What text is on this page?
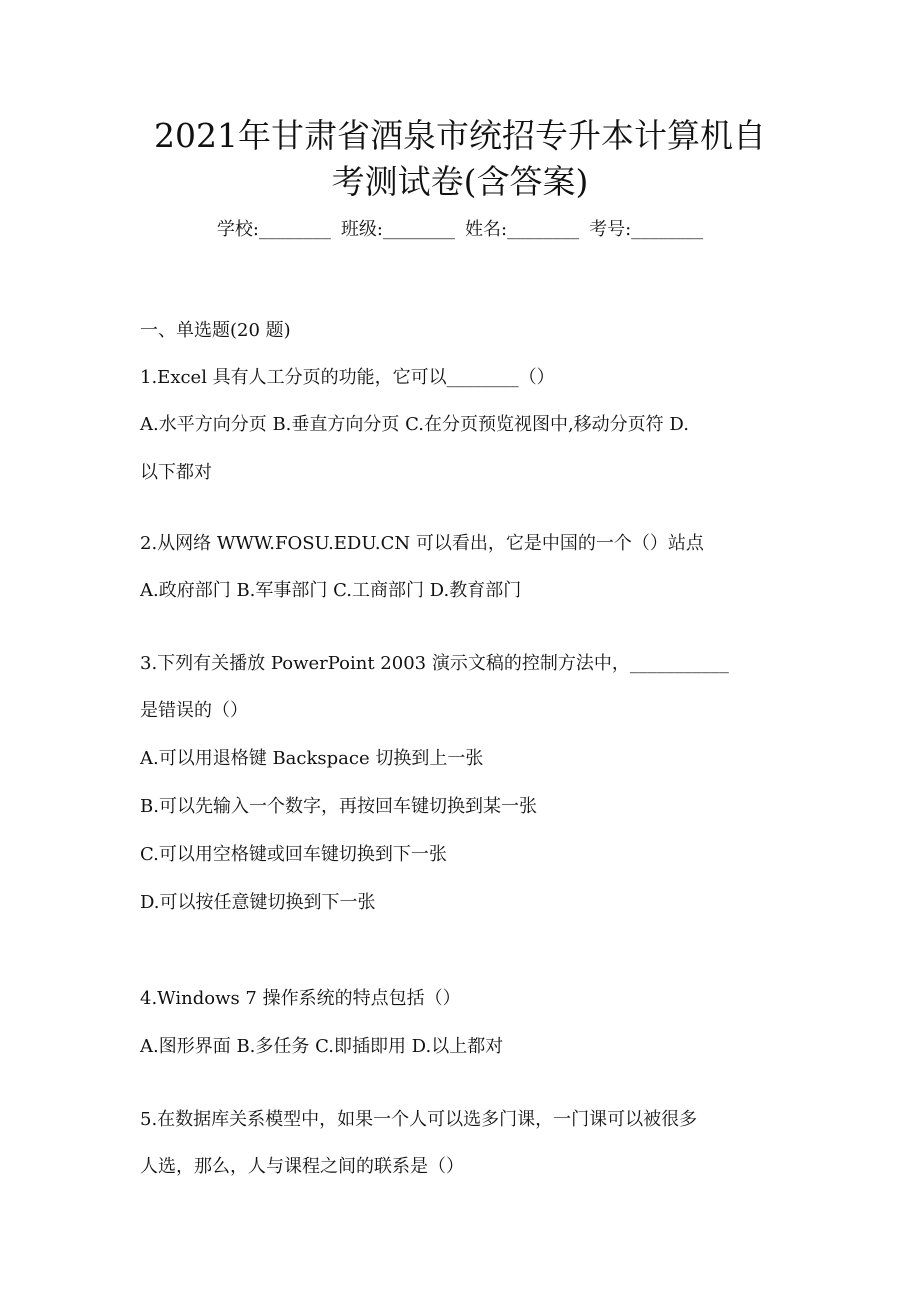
2021年甘肃省酒泉市统招专升本计算机自
考测试卷(含答案)
学校:________ 班级:________ 姓名:________ 考号:________
一、单选题(20 题)
1.Excel 具有人工分页的功能，它可以________（）
A.水平方向分页 B.垂直方向分页 C.在分页预览视图中,移动分页符 D.
以下都对
2.从网络 WWW.FOSU.EDU.CN 可以看出，它是中国的一个（）站点
A.政府部门 B.军事部门 C.工商部门 D.教育部门
3.下列有关播放 PowerPoint 2003 演示文稿的控制方法中，___________
是错误的（）
A.可以用退格键 Backspace 切换到上一张
B.可以先输入一个数字，再按回车键切换到某一张
C.可以用空格键或回车键切换到下一张
D.可以按任意键切换到下一张
4.Windows 7 操作系统的特点包括（）
A.图形界面 B.多任务 C.即插即用 D.以上都对
5.在数据库关系模型中，如果一个人可以选多门课，一门课可以被很多
人选，那么，人与课程之间的联系是（）
